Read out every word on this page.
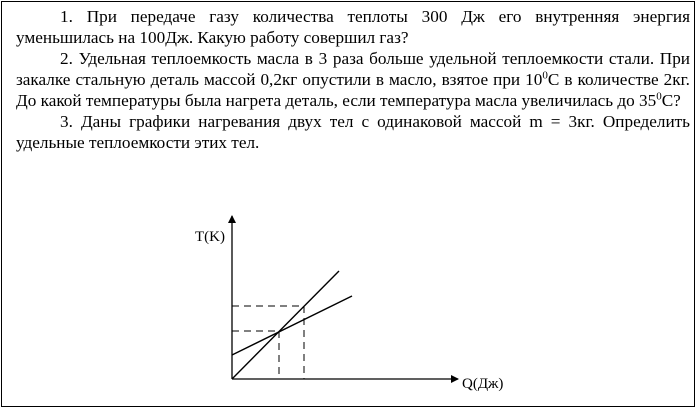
1. При передаче газу количества теплоты 300 Дж его внутренняя энергия уменьшилась на 100Дж. Какую работу совершил газ?

2. Удельная теплоемкость масла в 3 раза больше удельной теплоемкости стали. При закалке стальную деталь массой 0,2кг опустили в масло, взятое при $10^0С$ в количестве 2кг. До какой температуры была нагрета деталь, если температура масла увеличилась до $35^0С$?

3. Даны графики нагревания двух тел с одинаковой массой m = 3кг. Определить удельные теплоемкости этих тел.

T(K)
Q(Дж)
